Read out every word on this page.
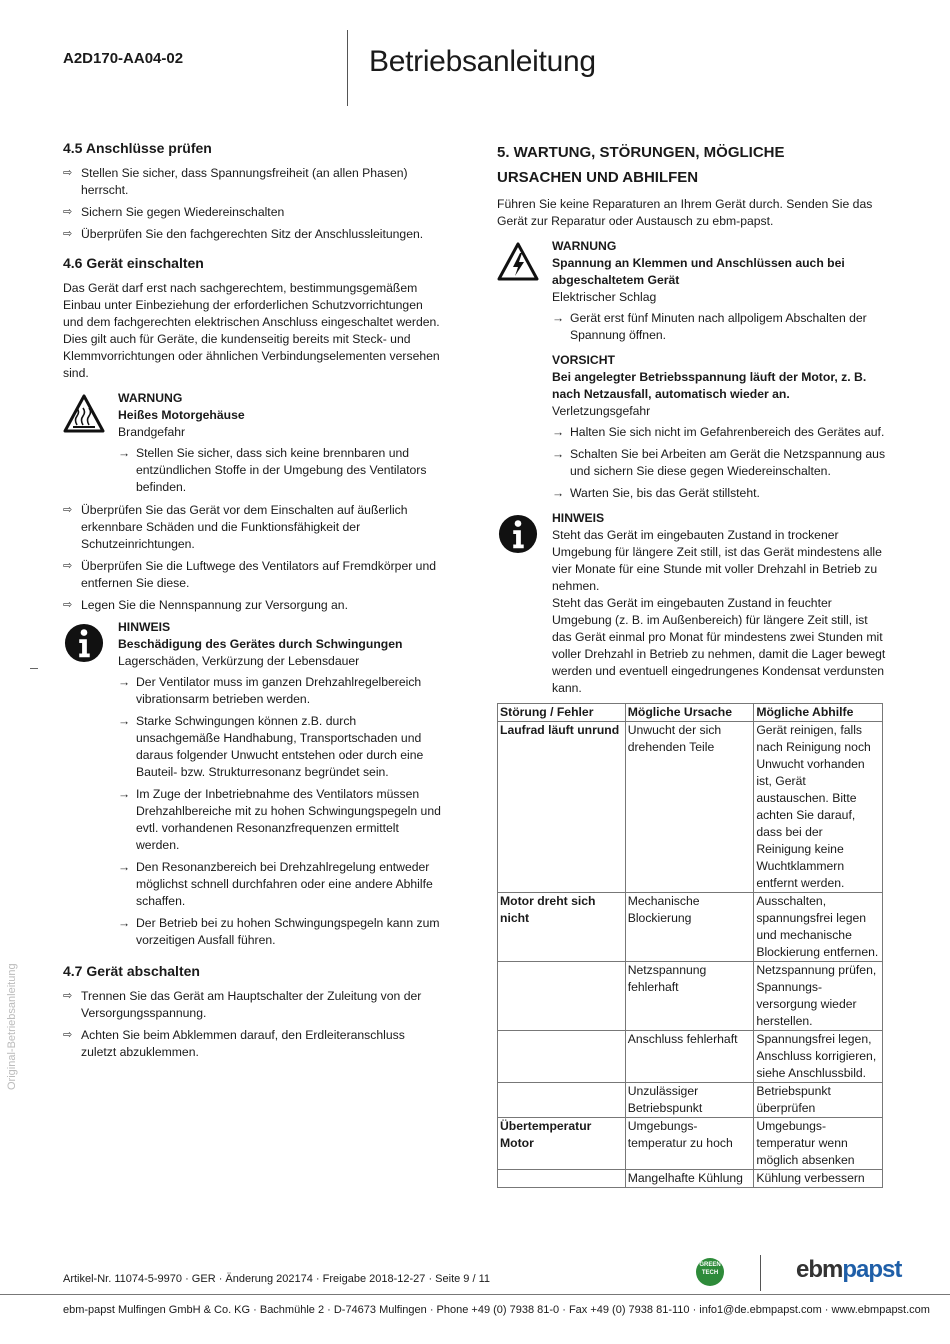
A2D170-AA04-02	Betriebsanleitung
Original-Betriebsanleitung
4.5 Anschlüsse prüfen
⇨ Stellen Sie sicher, dass Spannungsfreiheit (an allen Phasen) herrscht.
⇨ Sichern Sie gegen Wiedereinschalten
⇨ Überprüfen Sie den fachgerechten Sitz der Anschlussleitungen.
4.6 Gerät einschalten

Das Gerät darf erst nach sachgerechtem, bestimmungsgemäßem Einbau unter Einbeziehung der erforderlichen Schutzvorrichtungen und dem fachgerechten elektrischen Anschluss eingeschaltet werden. Dies gilt auch für Geräte, die kundenseitig bereits mit Steck- und Klemmvorrichtungen oder ähnlichen Verbindungselementen versehen sind.

WARNUNG
Heißes Motorgehäuse
Brandgefahr
→ Stellen Sie sicher, dass sich keine brennbaren und entzündlichen Stoffe in der Umgebung des Ventilators befinden.
⇨ Überprüfen Sie das Gerät vor dem Einschalten auf äußerlich erkennbare Schäden und die Funktionsfähigkeit der Schutzeinrichtungen.
⇨ Überprüfen Sie die Luftwege des Ventilators auf Fremdkörper und entfernen Sie diese.
⇨ Legen Sie die Nennspannung zur Versorgung an.
HINWEIS
Beschädigung des Gerätes durch Schwingungen
Lagerschäden, Verkürzung der Lebensdauer
→ Der Ventilator muss im ganzen Drehzahlregelbereich vibrationsarm betrieben werden.
→ Starke Schwingungen können z.B. durch unsachgemäße Handhabung, Transportschaden und daraus folgender Unwucht entstehen oder durch eine Bauteil- bzw. Strukturresonanz begründet sein.
→ Im Zuge der Inbetriebnahme des Ventilators müssen Drehzahlbereiche mit zu hohen Schwingungspegeln und evtl. vorhandenen Resonanzfrequenzen ermittelt werden.
→ Den Resonanzbereich bei Drehzahlregelung entweder möglichst schnell durchfahren oder eine andere Abhilfe schaffen.
→ Der Betrieb bei zu hohen Schwingungspegeln kann zum vorzeitigen Ausfall führen.
4.7 Gerät abschalten
⇨ Trennen Sie das Gerät am Hauptschalter der Zuleitung von der Versorgungsspannung.
⇨ Achten Sie beim Abklemmen darauf, den Erdleiteranschluss zuletzt abzuklemmen.
5. WARTUNG, STÖRUNGEN, MÖGLICHE
URSACHEN UND ABHILFEN

Führen Sie keine Reparaturen an Ihrem Gerät durch. Senden Sie das Gerät zur Reparatur oder Austausch zu ebm-papst.

WARNUNG
Spannung an Klemmen und Anschlüssen auch bei abgeschaltetem Gerät
Elektrischer Schlag
→ Gerät erst fünf Minuten nach allpoligem Abschalten der Spannung öffnen.
VORSICHT
Bei angelegter Betriebsspannung läuft der Motor, z. B. nach Netzausfall, automatisch wieder an.
Verletzungsgefahr
→ Halten Sie sich nicht im Gefahrenbereich des Gerätes auf.
→ Schalten Sie bei Arbeiten am Gerät die Netzspannung aus und sichern Sie diese gegen Wiedereinschalten.
→ Warten Sie, bis das Gerät stillsteht.
HINWEIS
Steht das Gerät im eingebauten Zustand in trockener Umgebung für längere Zeit still, ist das Gerät mindestens alle vier Monate für eine Stunde mit voller Drehzahl in Betrieb zu nehmen.
Steht das Gerät im eingebauten Zustand in feuchter Umgebung (z. B. im Außenbereich) für längere Zeit still, ist das Gerät einmal pro Monat für mindestens zwei Stunden mit voller Drehzahl in Betrieb zu nehmen, damit die Lager bewegt werden und eventuell eingedrungenes Kondensat verdunsten kann.
Störung / Fehler	Mögliche Ursache	Mögliche Abhilfe
Laufrad läuft unrund	Unwucht der sich drehenden Teile	Gerät reinigen, falls nach Reinigung noch Unwucht vorhanden ist, Gerät austauschen. Bitte achten Sie darauf, dass bei der Reinigung keine Wuchtklammern entfernt werden.
Motor dreht sich nicht	Mechanische Blockierung	Ausschalten, spannungsfrei legen und mechanische Blockierung entfernen.
	Netzspannung fehlerhaft	Netzspannung prüfen, Spannungs-versorgung wieder herstellen.
	Anschluss fehlerhaft	Spannungsfrei legen, Anschluss korrigieren, siehe Anschlussbild.
	Unzulässiger Betriebspunkt	Betriebspunkt überprüfen
Übertemperatur Motor	Umgebungs-temperatur zu hoch	Umgebungs-temperatur wenn möglich absenken
	Mangelhafte Kühlung	Kühlung verbessern
Artikel-Nr. 11074-5-9970 · GER · Änderung 202174 · Freigabe 2018-12-27 · Seite 9 / 11
GREEN TECH	ebmpapst
ebm-papst Mulfingen GmbH & Co. KG · Bachmühle 2 · D-74673 Mulfingen · Phone +49 (0) 7938 81-0 · Fax +49 (0) 7938 81-110 · info1@de.ebmpapst.com · www.ebmpapst.com
